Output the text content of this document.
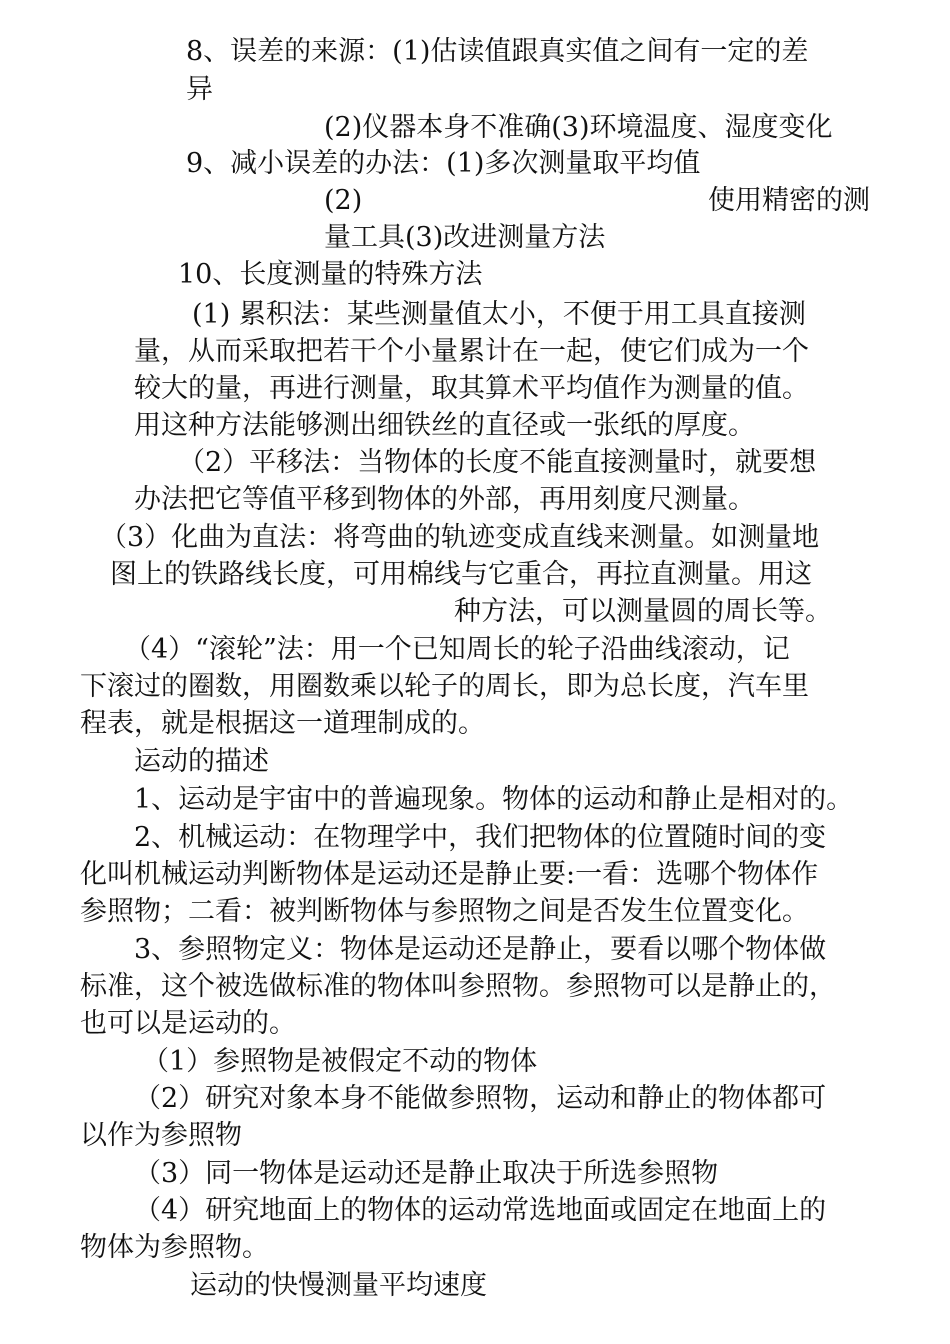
8、误差的来源：(1)估读值跟真实值之间有一定的差
异
(2)仪器本身不准确(3)环境温度、湿度变化
9、减小误差的办法：(1)多次测量取平均值
(2)	使用精密的测
量工具(3)改进测量方法
10、长度测量的特殊方法
(1) 累积法：某些测量值太小，不便于用工具直接测
量，从而采取把若干个小量累计在一起，使它们成为一个
较大的量，再进行测量，取其算术平均值作为测量的值。
用这种方法能够测出细铁丝的直径或一张纸的厚度。
（2）平移法：当物体的长度不能直接测量时，就要想
办法把它等值平移到物体的外部，再用刻度尺测量。
（3）化曲为直法：将弯曲的轨迹变成直线来测量。如测量地
图上的铁路线长度，可用棉线与它重合，再拉直测量。用这
种方法，可以测量圆的周长等。
（4）“滚轮”法：用一个已知周长的轮子沿曲线滚动，记
下滚过的圈数，用圈数乘以轮子的周长，即为总长度，汽车里
程表，就是根据这一道理制成的。
运动的描述
1、运动是宇宙中的普遍现象。物体的运动和静止是相对的。
2、机械运动：在物理学中，我们把物体的位置随时间的变
化叫机械运动判断物体是运动还是静止要:一看：选哪个物体作
参照物；二看：被判断物体与参照物之间是否发生位置变化。
3、参照物定义：物体是运动还是静止，要看以哪个物体做
标准，这个被选做标准的物体叫参照物。参照物可以是静止的，
也可以是运动的。
（1）参照物是被假定不动的物体
（2）研究对象本身不能做参照物，运动和静止的物体都可
以作为参照物
（3）同一物体是运动还是静止取决于所选参照物
（4）研究地面上的物体的运动常选地面或固定在地面上的
物体为参照物。
运动的快慢测量平均速度
